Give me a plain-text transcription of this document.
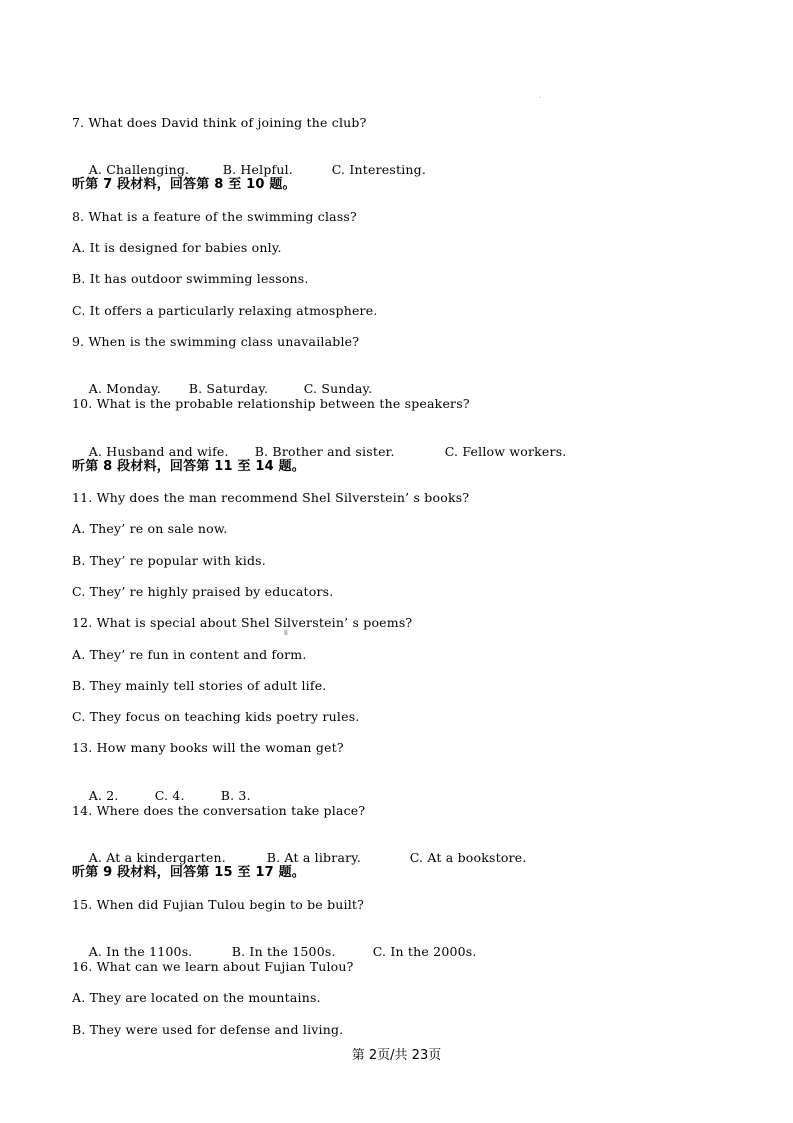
·
7. What does David think of joining the club?

A. Challenging.	B. Helpful.	C. Interesting.

听第 7 段材料，回答第 8 至 10 题。
8. What is a feature of the swimming class?
A. It is designed for babies only.
B. It has outdoor swimming lessons.
C. It offers a particularly relaxing atmosphere.
9. When is the swimming class unavailable?

A. Monday. B. Saturday.	C. Sunday.

10. What is the probable relationship between the speakers?

A. Husband and wife. B. Brother and sister.	C. Fellow workers.

听第 8 段材料，回答第 11 至 14 题。
11. Why does the man recommend Shel Silverstein’ s books?
A. They’ re on sale now.
B. They’ re popular with kids.
C. They’ re highly praised by educators.
12. What is special about Shel Silverstein’ s poems?
8
A. They’ re fun in content and form.
B. They mainly tell stories of adult life.
C. They focus on teaching kids poetry rules.
13. How many books will the woman get?

A. 2.	C. 4.	B. 3.

14. Where does the conversation take place?

A. At a kindergarten.	B. At a library.	C. At a bookstore.

听第 9 段材料，回答第 15 至 17 题。
15. When did Fujian Tulou begin to be built?

A. In the 1100s.	B. In the 1500s.	C. In the 2000s.

16. What can we learn about Fujian Tulou?
A. They are located on the mountains.
B. They were used for defense and living.
第 2页/共 23页
